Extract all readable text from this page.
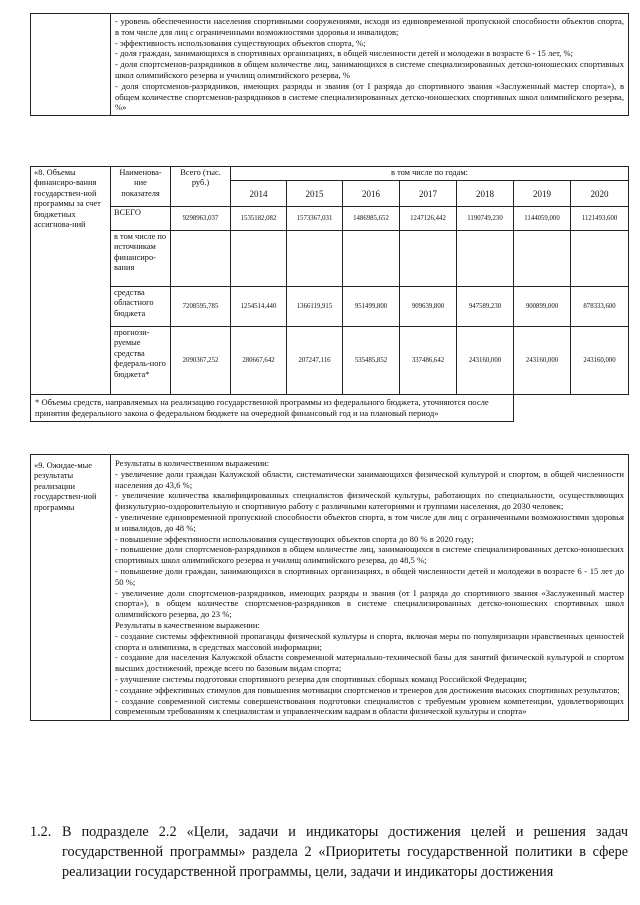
- уровень обеспеченности населения спортивными сооружениями, исходя из единовременной пропускной способности объектов спорта, в том числе для лиц с ограниченными возможностями здоровья и инвалидов;

- эффективность использования существующих объектов спорта, %;

- доля граждан, занимающихся в спортивных организациях, в общей численности детей и молодежи в возрасте 6 - 15 лет, %;

- доля спортсменов-разрядников в общем количестве лиц, занимающихся в системе специализированных детско-юношеских спортивных школ олимпийского резерва и училищ олимпийского резерва, %

- доля спортсменов-разрядников, имеющих разряды и звания (от I разряда до спортивного звания «Заслуженный мастер спорта»), в общем количестве спортсменов-разрядников в системе специализированных детско-юношеских спортивных школ олимпийского резерва, %»

«8. Объемы финансиро-вания государствен-ной программы за счет бюджетных ассигнова-ний	Наименова-ние показателя	Всего (тыс. руб.)	в том числе по годам:						
			2014	2015	2016	2017	2018	2019	2020
	ВСЕГО	9298963,037	1535182,082	1573367,031	1486985,652	1247126,442	1190749,230	1144059,000	1121493,600
	в том числе по источникам финансиро-вания								
	средства областного бюджета	7208595,785	1254514,440	1366119,915	951499,800	909639,800	947589,230	900899,000	878333,600
	прогнози-руемые средства федераль-ного бюджета*	2090367,252	280667,642	207247,116	535485,852	337486,642	243160,000	243160,000	243160,000
* Объемы средств, направляемых на реализацию государственной программы из федерального бюджета, уточняются после принятия федерального закона о федеральном бюджете на очередной финансовый год и на плановый период»									
«9. Ожидае-мые результаты реализации государствен-ной программы	

Результаты в количественном выражении:

- увеличение доли граждан Калужской области, систематически занимающихся физической культурой и спортом, в общей численности населения до 43,6 %;

- увеличение количества квалифицированных специалистов физической культуры, работающих по специальности, осуществляющих физкультурно-оздоровительную и спортивную работу с различными категориями и группами населения, до 2030 человек;

- увеличение единовременной пропускной способности объектов спорта, в том числе для лиц с ограниченными возможностями здоровья и инвалидов, до 48 %;

- повышение эффективности использования существующих объектов спорта до 80 % в 2020 году;

- повышение доли спортсменов-разрядников в общем количестве лиц, занимающихся в системе специализированных детско-юношеских спортивных школ олимпийского резерва и училищ олимпийского резерва, до 48,5 %;

- повышение доли граждан, занимающихся в спортивных организациях, в общей численности детей и молодежи в возрасте 6 - 15 лет до 50 %;

- увеличение доли спортсменов-разрядников, имеющих разряды и звания (от I разряда до спортивного звания «Заслуженный мастер спорта»), в общем количестве спортсменов-разрядников в системе специализированных детско-юношеских спортивных школ олимпийского резерва, до 23 %;

Результаты в качественном выражении:

- создание системы эффективной пропаганды физической культуры и спорта, включая меры по популяризации нравственных ценностей спорта и олимпизма, в средствах массовой информации;

- создание для населения Калужской области современной материально-технической базы для занятий физической культурой и спортом высших достижений, прежде всего по базовым видам спорта;

- улучшение системы подготовки спортивного резерва для спортивных сборных команд Российской Федерации;

- создание эффективных стимулов для повышения мотивации спортсменов и тренеров для достижения высоких спортивных результатов;

- создание современной системы совершенствования подготовки специалистов с требуемым уровнем компетенции, удовлетворяющих современным требованиям к специалистам и управленческим кадрам в области физической культуры и спорта»

1.2. В подразделе 2.2 «Цели, задачи и индикаторы достижения целей и решения задач государственной программы» раздела 2 «Приоритеты государственной политики в сфере реализации государственной программы, цели, задачи и индикаторы достижения
